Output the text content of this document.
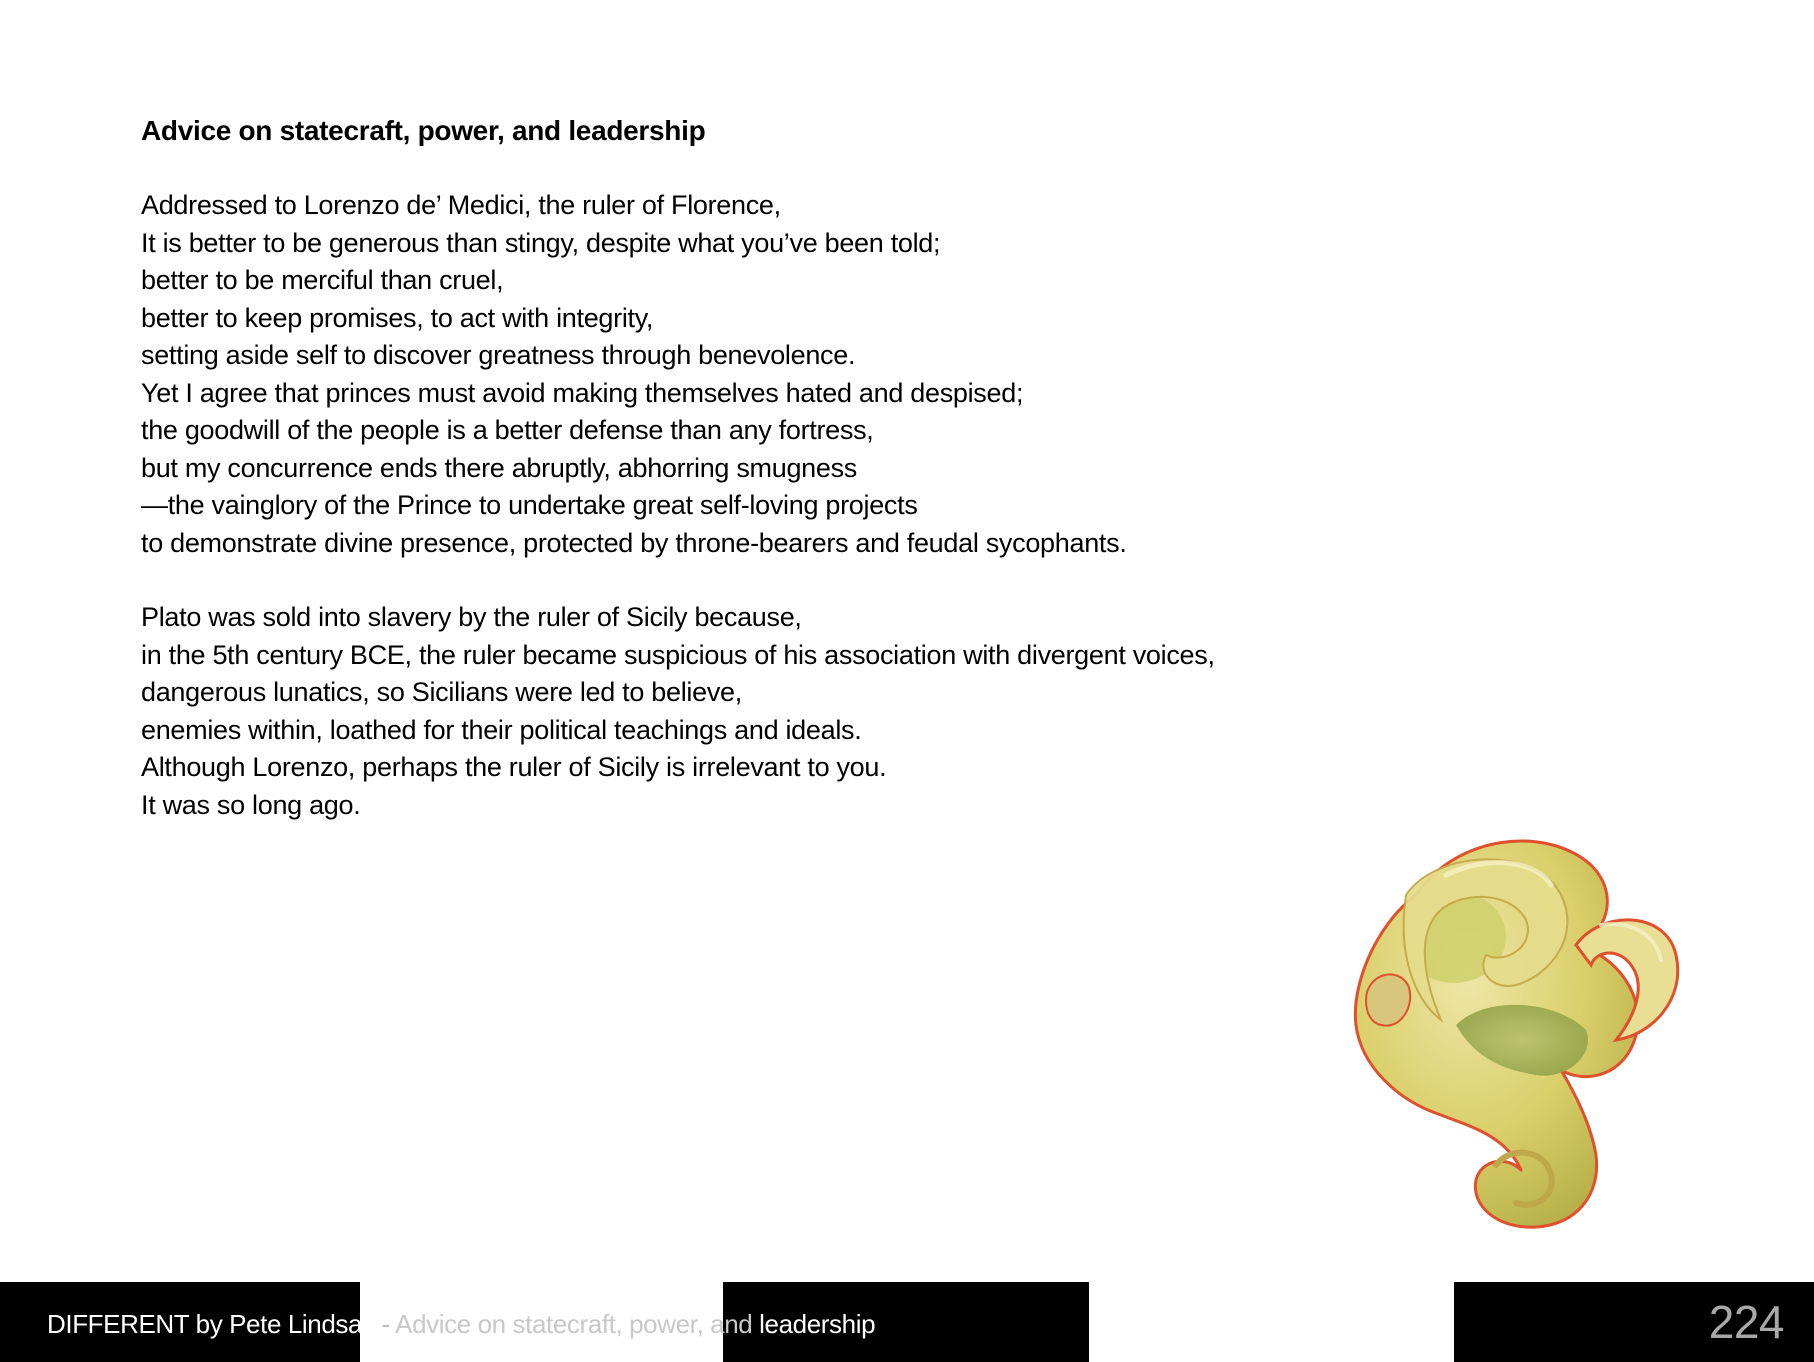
Advice on statecraft, power, and leadership
Addressed to Lorenzo de’ Medici, the ruler of Florence,
It is better to be generous than stingy, despite what you’ve been told;
better to be merciful than cruel,
better to keep promises, to act with integrity,
setting aside self to discover greatness through benevolence.
Yet I agree that princes must avoid making themselves hated and despised;
the goodwill of the people is a better defense than any fortress,
but my concurrence ends there abruptly, abhorring smugness
—the vainglory of the Prince to undertake great self-loving projects
to demonstrate divine presence, protected by throne-bearers and feudal sycophants.
Plato was sold into slavery by the ruler of Sicily because,
in the 5th century BCE, the ruler became suspicious of his association with divergent voices,
dangerous lunatics, so Sicilians were led to believe,
enemies within, loathed for their political teachings and ideals.
Although Lorenzo, perhaps the ruler of Sicily is irrelevant to you.
It was so long ago.
DIFFERENT by Pete Lindsay - Advice on statecraft, power, and leadership	224
